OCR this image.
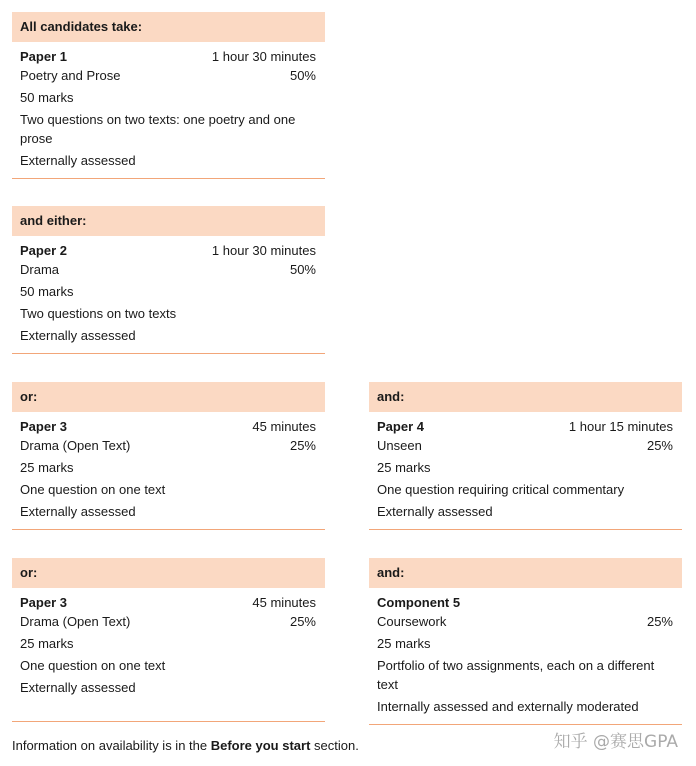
All candidates take:
Paper 1	1 hour 30 minutes
Poetry and Prose	50%
50 marks
Two questions on two texts: one poetry and one prose
Externally assessed
and either:
Paper 2	1 hour 30 minutes
Drama	50%
50 marks
Two questions on two texts
Externally assessed
or:
Paper 3	45 minutes
Drama (Open Text)	25%
25 marks
One question on one text
Externally assessed
and:
Paper 4	1 hour 15 minutes
Unseen	25%
25 marks
One question requiring critical commentary
Externally assessed
or:
Paper 3	45 minutes
Drama (Open Text)	25%
25 marks
One question on one text
Externally assessed
and:
Component 5
Coursework	25%
25 marks
Portfolio of two assignments, each on a different text
Internally assessed and externally moderated
Information on availability is in the Before you start section.	知乎 @赛思GPA
